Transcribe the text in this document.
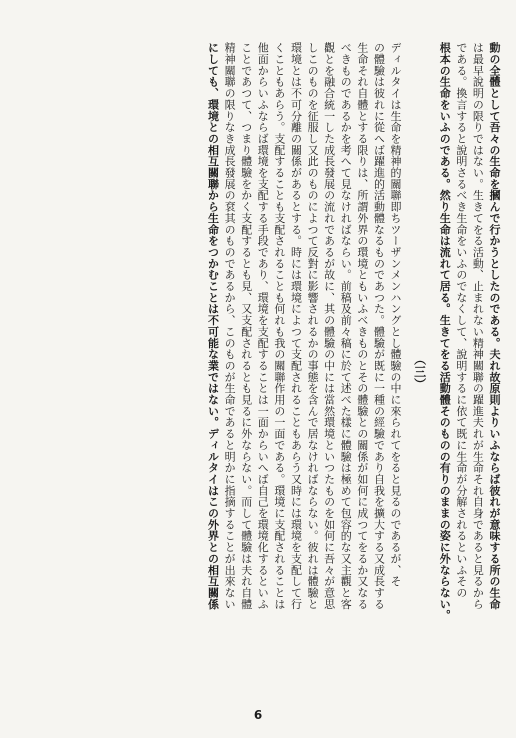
動の全體として吾々の生命を摑んで行かうとしたのである。夫れ故原則よりいふならば彼れが意味する所の生命
は最早說明の限りではない。生きてをる活動、止まれない精神關聯の躍進夫れが生命それ自身であると見るから
である。換言すると說明さるべき生命をいふのでなくして、說明するに依て既に生命が分解されるといふその
根本の生命をいふのである。然り生命は流れて居る。生きてをる活動體そのものの有りのままの姿に外ならない。
（三）
ディルタイは生命を精神的關聯即ちツーザンメンハングとし體驗の中に來られてをると見るのであるが、そ
の體驗は彼れに從へば躍進的活動體なるものであつた。體驗が既に一種の經驗であり自我を擴大する又成長する
生命それ自體とする限りは、所謂外界の環境ともいふべきものとその體驗との關係が如何に成つてをるか又なる
べきものであるかを考へて見なければならい。前稿及前々稿に於て述べた樣に體驗は極めて包容的な又主觀と客
觀とを融合統一した成長發展の流れであるが故に、其の體驗の中には當然環境といつたものを如何に吾々が意思
しこのものを征服し又此のものによつて反對に影響されるかの事態を含んで居なければならない。彼れは體驗と
環境とは不可分離の關係があるとする。時には環境によつて支配されることもあらう又時には環境を支配して行
くこともあらう。支配することも支配されることも何れも我の關聯作用の一面である。環境に支配されることは
他面からいふならば環境を支配する手段であり、環境を支配することは一面からいへば自己を環境化するといふ
ことであつて、つまり體驗をかく支配するとも見、又支配されるとも見るに外ならない。而して體驗は夫れ自體
精神關聯の限りなき成長發展の袞其のものであるから、このものが生命であると明かに指摘することが出來ない
にしても、環境との相互關聯から生命をつかむことは不可能な業ではない。ディルタイはこの外界との相互關係
6
